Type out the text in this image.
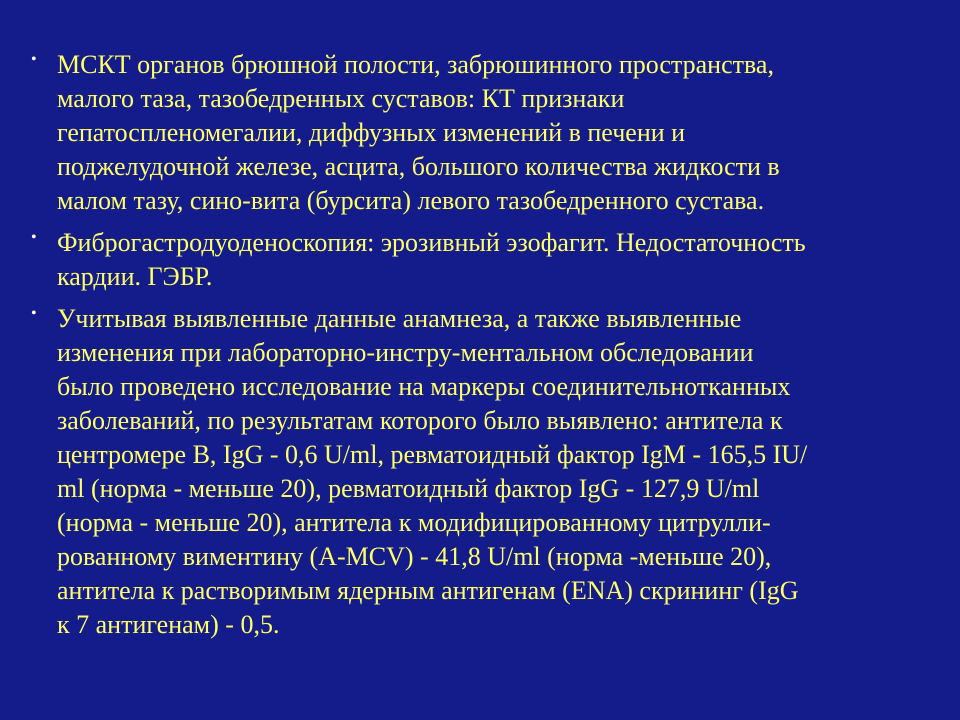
• МСКТ органов брюшной полости, забрюшинного пространства,
малого таза, тазобедренных суставов: КТ признаки
гепатоспленомегалии, диффузных изменений в печени и
поджелудочной железе, асцита, большого количества жидкости в
малом тазу, сино-вита (бурсита) левого тазобедренного сустава.
• Фиброгастродуоденоскопия: эрозивный эзофагит. Недостаточность
кардии. ГЭБР.
• Учитывая выявленные данные анамнеза, а также выявленные
изменения при лабораторно-инстру-ментальном обследовании
было проведено исследование на маркеры соединительнотканных
заболеваний, по результатам которого было выявлено: антитела к
центромере В, IgG - 0,6 U/ml, ревматоидный фактор IgM - 165,5 IU/
ml (норма - меньше 20), ревматоидный фактор IgG - 127,9 U/ml
(норма - меньше 20), антитела к модифицированному цитрулли-
рованному виментину (A-MCV) - 41,8 U/ml (норма -меньше 20),
антитела к растворимым ядерным антигенам (ENA) скрининг (IgG
к 7 антигенам) - 0,5.
